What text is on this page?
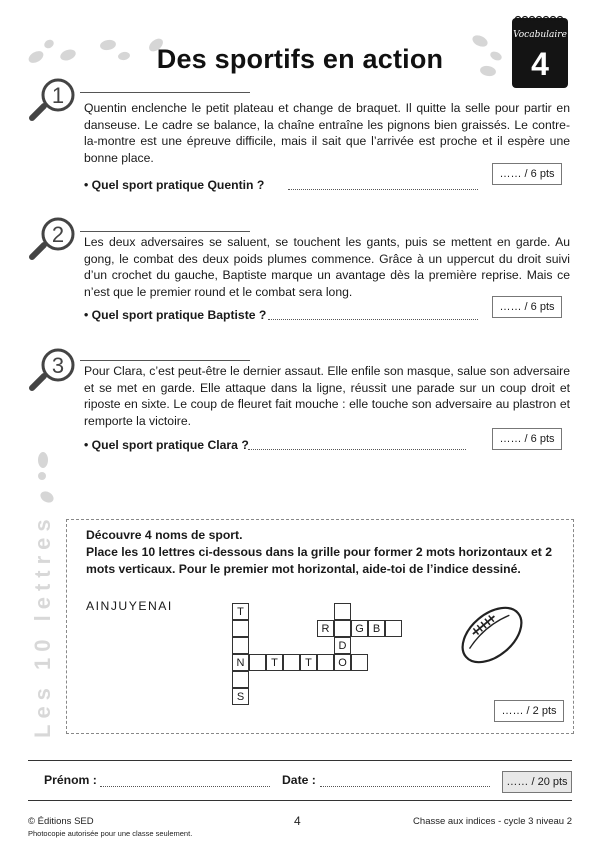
Des sportifs en action
Vocabulaire
4
1 Quentin enclenche le petit plateau et change de braquet. Il quitte la selle pour partir en danseuse. Le cadre se balance, la chaîne entraîne les pignons bien graissés. Le contre-la-montre est une épreuve difficile, mais il sait que l’arrivée est proche et il espère une bonne place.
• Quel sport pratique Quentin ?
…… / 6 pts
2 Les deux adversaires se saluent, se touchent les gants, puis se mettent en garde. Au gong, le combat des deux poids plumes commence. Grâce à un uppercut du droit suivi d’un crochet du gauche, Baptiste marque un avantage dès la première reprise. Mais ce n’est que le premier round et le combat sera long.
• Quel sport pratique Baptiste ?
…… / 6 pts
3 Pour Clara, c’est peut-être le dernier assaut. Elle enfile son masque, salue son adversaire et se met en garde. Elle attaque dans la ligne, réussit une parade sur un coup droit et riposte en sixte. Le coup de fleuret fait mouche : elle touche son adversaire au plastron et remporte la victoire.
• Quel sport pratique Clara ?	…… / 6 pts
Les 10 lettres	Découvre 4 noms de sport.
Place les 10 lettres ci-dessous dans la grille pour former 2 mots horizontaux et 2 mots verticaux. Pour le premier mot horizontal, aide-toi de l’indice dessiné.
AINJUYENAI	T
S
D
R	G B
N	T	T	O
…… / 2 pts
Prénom :	Date :	…… / 20 pts
© Éditions SED
Photocopie autorisée pour une classe seulement.
4	Chasse aux indices - cycle 3 niveau 2
